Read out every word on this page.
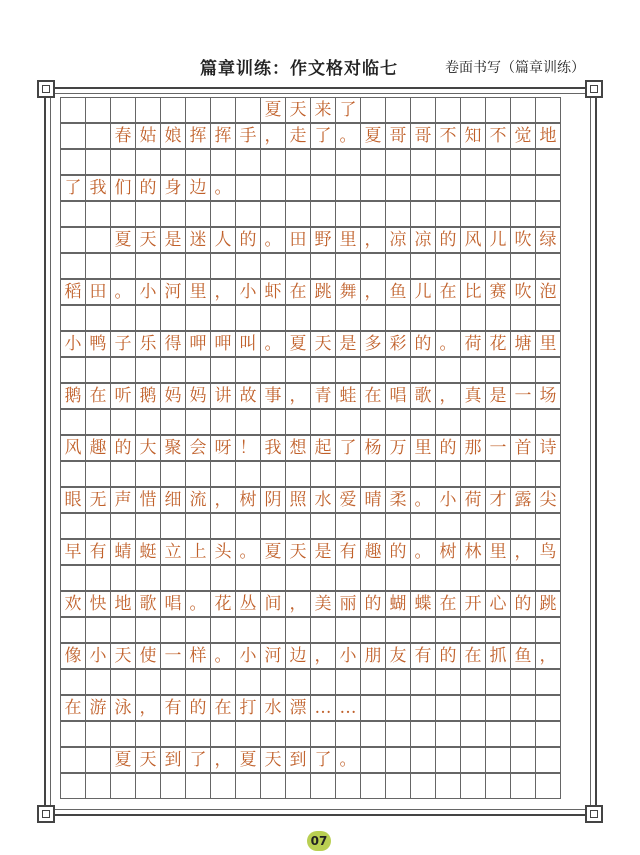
篇章训练：作文格对临七	卷面书写（篇章训练）
夏 天 来 了
春 姑 娘 挥 挥 手 ， 走 了 。 夏 哥 哥 不 知 不 觉 地
了 我 们 的 身 边 。
夏 天 是 迷 人 的 。 田 野 里 ， 凉 凉 的 风 儿 吹 绿
稻 田 。 小 河 里 ， 小 虾 在 跳 舞 ， 鱼 儿 在 比 赛 吹 泡
小 鸭 子 乐 得 呷 呷 叫 。 夏 天 是 多 彩 的 。 荷 花 塘 里
鹅 在 听 鹅 妈 妈 讲 故 事 ， 青 蛙 在 唱 歌 ， 真 是 一 场
风 趣 的 大 聚 会 呀 ！ 我 想 起 了 杨 万 里 的 那 一 首 诗
眼 无 声 惜 细 流 ， 树 阴 照 水 爱 晴 柔 。 小 荷 才 露 尖
早 有 蜻 蜓 立 上 头 。 夏 天 是 有 趣 的 。 树 林 里 ， 鸟
欢 快 地 歌 唱 。 花 丛 间 ， 美 丽 的 蝴 蝶 在 开 心 的 跳
像 小 天 使 一 样 。 小 河 边 ， 小 朋 友 有 的 在 抓 鱼 ，
在 游 泳 ， 有 的 在 打 水 漂 … …
夏 天 到 了 ， 夏 天 到 了 。
07
